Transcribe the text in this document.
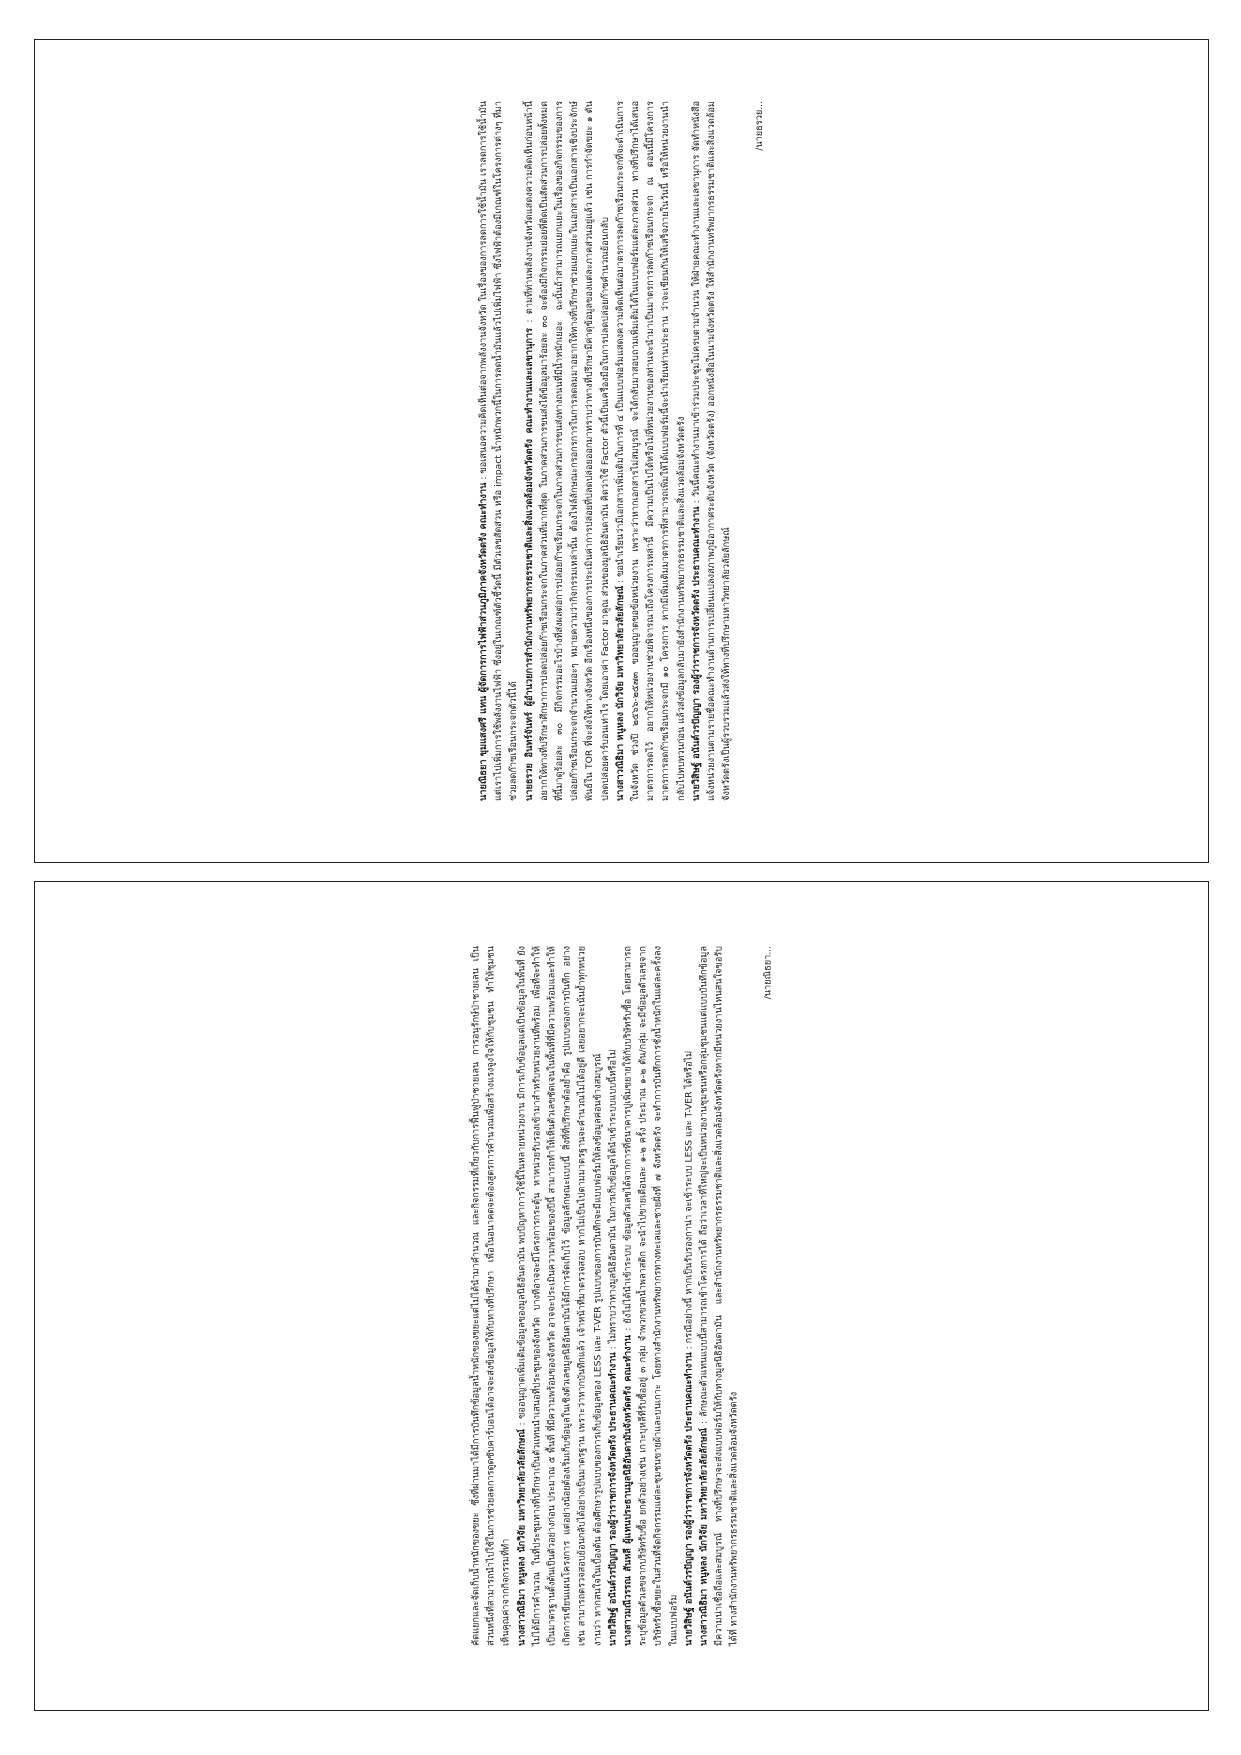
นายณิธยา ขุมแสงศรี แทน ผู้จัดการการไฟฟ้าส่วนภูมิภาคจังหวัดตรัง คณะทำงาน : ขอเสนอความคิดเห็นต่อจากพลังงานจังหวัด ในเรื่องของการลดการใช้น้ำมัน เราลดการใช้น้ำมัน แต่เราไปเพิ่มการใช้พลังงานไฟฟ้า ซึ่งอยู่ในเกณฑ์ตัวชี้วัดนี้ มีตัวเลขสัดส่วน หรือ impact น้ำหนักพวกนี้ในการลดน้ำมันแล้วไปเพิ่มไฟฟ้า ซึ่งไฟฟ้าต้องมีเกณฑ์ในโครงการต่างๆ ที่มาช่วยลดก๊าซเรือนกระจกตัวนี้ได้ นายธรวย อินทร์จันทร์ ผู้อำนวยการสำนักงานทรัพยากรธรรมชาติและสิ่งแวดล้อมจังหวัดตรัง คณะทำงานและเลขานุการ : ตามที่ท่านพลังงานจังหวัดแสดงความคิดเห็นก่อนหน้านี้ อยากให้ทางที่ปรึกษาศึกษาการปลดปล่อยก๊าซเรือนกระจกในภาคส่วนที่มากที่สุด ในภาคส่วนการขนส่งได้ข้อมูลมาร้อยละ ๓๐ จะต้องมีกิจกรรมย่อยที่ติดเป็นสัดส่วนการปล่อยทั้งหมด ที่นี้มาดูร้อยละ ๓๐ มีกิจกรรมอะไรบ้างที่ส่งผลต่อการปล่อยก๊าซเรือนกระจกในภาคส่วนการขนส่งทางถนนที่มีน้ำหนักเยอะ ฉะนั้นถ้าสามารถแยกแยะในเรื่องของกิจกรรมของการปล่อยก๊าซเรือนกระจกจำนวนเยอะๆ หมายความว่ากิจกรรมเหล่านั้น ต้องไฟล์ลักษณะกรอกรการในการลดลมมาอยากให้ทางที่ปรึกษาช่วยแยกแยะในเอกสารเป็นเอกสารเชิงประจักษ์พันธ์ใน TOR ที่จะส่งให้ทางจังหวัด อีกเรื่องหนึ่งของการประเมินค่าการปล่อยที่ปลดปล่อยออกมาทราบว่าทางที่ปรึกษามีค่าดุข้อมูลของแต่ละภาคส่วนอยู่แล้ว เช่น การกำจัดขยะ ๑ ตัน ปลดปล่อยคาร์บอนเท่าไร โดยเอาค่า Factor มาคูณ ส่วนของมูลนิธิอันดามัน คิดว่าใช้ Factor ตัวนี้เป็นเครื่องมือในการปลดปล่อยก๊าซคำนวณย้อนกลับ นางสาวณิธิมา หนูหลง นักวิจัย มหาวิทยาลัยวลัยลักษณ์ : ขอนำเรียนว่ามีเอกสารเพิ่มเติมในการที่ ๔ เป็นแบบฟอร์มแสดงความคิดเห็นต่อมาตรการลดก๊าซเรือนกระจกที่จะดำเนินการในจังหวัด ช่วงปี ๒๕๖๖-๒๕๗๓ ขออนุญาตขอข้อหน่วยงาน เพราะว่าหากเอกสารไม่สมบูรณ์ จะได้กลับมาสอบถามเพิ่มเติมได้ในแบบฟอร์มแต่ละภาคส่วน ทางที่ปรึกษาได้เสนอมาตรการลดไว้ อยากให้หน่วยงานช่วยพิจารณาถึงโครงการเหล่านี้ มีความเป็นไปได้หรือไม่ที่หน่วยงานของท่านจะนำมาเป็นมาตรการลดก๊าซเรือนกระจก ณ ตอนนี้มีโครงการมาตรการลดก๊าซเรือนกระจกมี ๑๐ โครงการ หากมีเพิ่มเติมมาตรการที่สามารถเพิ่มให้ได้แบบฟอร์มนี้จะนำเรียนท่านประธาน ว่าจะเขียนกันให้เสร็จภายในวันนี้ หรือให้หน่วยงานนำกลับไปทบทวนก่อน แล้วส่งข้อมูลกลับมายังสำนักงานทรัพยากรธรรมชาติและสิ่งแวดล้อมจังหวัดตรัง นายวิสิษฐ์ อนันต์วรปัญญา รองผู้ว่าราชการจังหวัดตรัง ประธานคณะทำงาน : วันนี้คณะทำงานมาเข้าร่วมประชุมไม่ครบตามจำนวน ให้ฝ่ายคณะทำงานและเลขานุการ จัดทำหนังสือแจ้งหน่วยงานตามรายชื่อคณะทำงานด้านการเปลี่ยนแปลงสภาพภูมิอากาศระดับจังหวัด (จังหวัดตรัง) ออกหนังสือในนามจังหวัดตรัง ให้สำนักงานทรัพยากรธรรมชาติและสิ่งแวดล้อมจังหวัดตรังเป็นผู้รวบรวมแล้วส่งให้ทางที่ปรึกษามหาวิทยาลัยวลัยลักษณ์

/นายธรวย...

คัดแยกและจัดเก็บน้ำหนักของขยะ ซึ่งที่ผ่านมาได้มีการบันทึกข้อมูลน้ำหนักของขยะแต่ไม่ได้นำมาคำนวณ และกิจกรรมที่เกี่ยวกับการฟื้นฟูป่าชายเลน การอนุรักษ์ป่าชายเลน เป็นส่วนหนึ่งที่สามารถนำไปใช้ในการช่วยลดการดูดซับคาร์บอนได้อาจจะส่งข้อมูลให้กับทางที่ปรึกษา เพื่อในอนาคตจะต้องสูตรการคำนวณเพื่อสร้างแรงจูงใจให้กับชุมชน ทำให้ชุมชนเห็นคุณค่าจากกิจกรรมที่ทำ นางสาวณิธิมา หนูหลง นักวิจัย มหาวิทยาลัยวลัยลักษณ์ : ขออนุญาตเพิ่มเติมข้อมูลของมูลนิธิอันดามัน พบปัญหาการใช้นี้ในหลายหน่วยงาน มีการเก็บข้อมูลแต่เป็นข้อมูลในพื้นที่ ยังไม่ได้มีการคำนวณ ในที่ประชุมทางที่ปรึกษาเป็นตัวแทนนำเสนอที่ประชุมของจังหวัด บางทีอาจจะมีโครงการกระตุ้น หาหน่วยรับรองเข้ามาสำหรับหน่วยงานที่พร้อม เพื่อที่จะทำให้เป็นมาตรฐานตั้งต้นเป็นตัวอย่างก่อน ประมาณ ๕ พื้นที่ ที่มีความพร้อมของจังหวัด อาจจะประเมินความพร้อมของปีนี้ สามารถทำให้เห็นตัวเลขชัดเจนในพื้นที่ที่มีความพร้อมและทำให้เกิดการเขียนแผนโครงการ แต่อย่างน้อยต้องเริ่มเก็บข้อมูลในเชิงตัวเลขมูลนิธิอันดามันได้มีการจัดเก็บไว้ ข้อมูลลักษณะแบบนี้ สิ่งที่ที่ปรึกษาต้องย้ำคือ รูปแบบของการบันทึก อย่างเช่น สามารถตรวจสอบย้อนกลับได้อย่างเป็นมาตรฐาน เพราะว่าหากบันทึกแล้ว เจ้าหน้าที่มาตรวจสอบ หากไม่เป็นไปตามมาตรฐานจะคำนวณไม่ได้อยู่ดี เลยอยากจะเน้นย้ำทุกหน่วยงานว่า หากสนใจในเบื้องต้น ต้องศึกษารูปแบบของการเก็บข้อมูลของ LESS และ T-VER รูปแบบของการบันทึกจะมีแบบฟอร์มให้ลงข้อมูลค่อนข้างสมบูรณ์ นายวิสิษฐ์ อนันต์วรปัญญา รองผู้ว่าราชการจังหวัดตรัง ประธานคณะทำงาน : ไม่ทราบว่าทางมูลนิธิอันดามัน ในการเก็บข้อมูลได้นำเข้าระบบแบบนี้หรือไม่

นางสาวมณีวรรณ สันหลี ผู้แทนประธานมูลนิธิอันดามันจังหวัดตรัง คณะทำงาน : ยังไม่ได้นำเข้าระบบ ข้อมูลตัวเลขได้จากการที่ธนาคารปูเพิ่มขยายให้กับบริษัทรับซื้อ โดยสามารถระบุข้อมูลตัวเลขจากบริษัทรับซื้อ ยกตัวอย่างเช่น เกาะบุหลีที่รับซื้ออยู่ ๓ กลุ่ม จำพวกขวดน้ำพลาสติก จะนำไปขายเดือนละ ๑-๒ ครั้ง ประมาณ ๑-๒ ตัน/กลุ่ม จะมีข้อมูลตัวเลขจากบริษัทรับซื้อขยะในส่วนที่จัดกิจกรรมแต่ละชุมชนขายผ้าและบนเกาะ โดยทางสำนักงานทรัพยากรทางทะเลและชายฝั่งที่ ๗ จังหวัดตรัง จะทำการบันทึกการชั่งน้ำหนักในแต่ละครั้งลงในแบบฟอร์ม นายวิสิษฐ์ อนันต์วรปัญญา รองผู้ว่าราชการจังหวัดตรัง ประธานคณะทำงาน : กรณีอย่างนี้ หากเป็นรับรองกาน่า จะเข้าระบบ LESS และ T-VER ได้หรือไม่

นางสาวณิธิมา หนูหลง นักวิจัย มหาวิทยาลัยวลัยลักษณ์ : ลักษณะตัวแทนแบบนี้สามารถเข้าโครงการได้ ถือว่าเวลาที่ใหญ่จะเป็นหน่วยงานชุมชนหรือกลุ่มชุมชนแต่แบบบันทึกข้อมูลมีความน่าเชื่อถือและสมบูรณ์ ทางที่ปรึกษาจะส่งแบบฟอร์มให้กับทางมูลนิธิอันดามัน และสำนักงานทรัพยากรธรรมชาติและสิ่งแวดล้อมจังหวัดตรังหากมีหน่วยงานไหนสนใจขอรับได้ที่ ทางสำนักงานทรัพยากรธรรมชาติและสิ่งแวดล้อมจังหวัดตรัง

/นายณิธยา...
